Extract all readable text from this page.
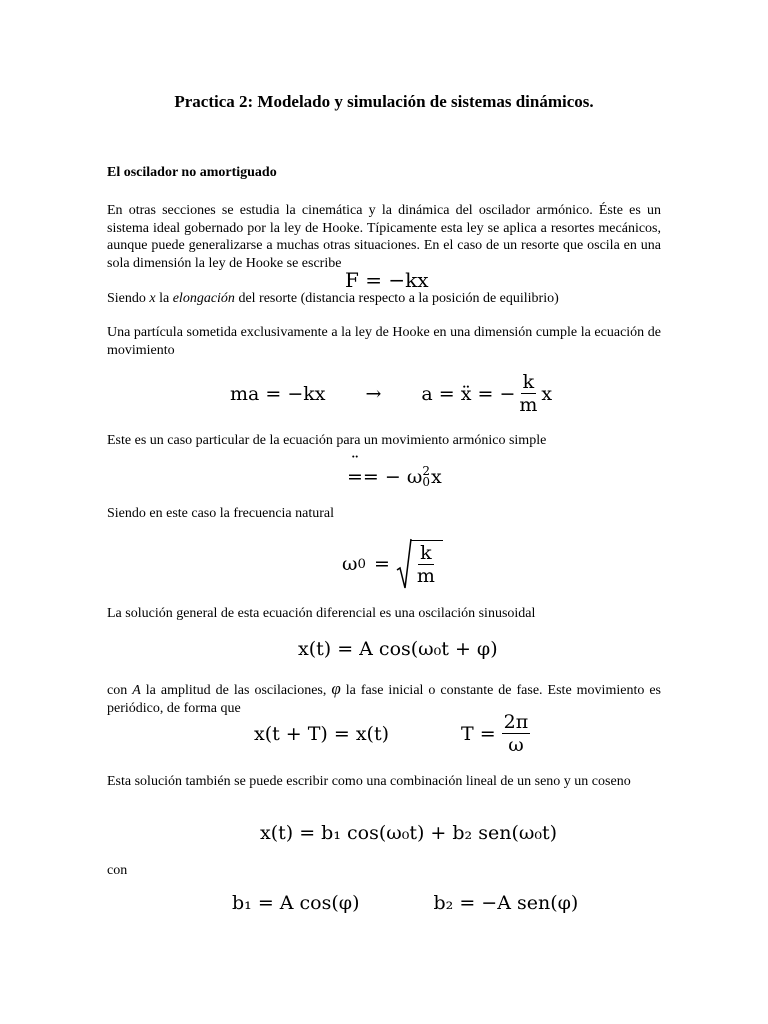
Practica 2: Modelado y simulación de sistemas dinámicos.
El oscilador no amortiguado
En otras secciones se estudia la cinemática y la dinámica del oscilador armónico. Éste es un sistema ideal gobernado por la ley de Hooke. Típicamente esta ley se aplica a resortes mecánicos, aunque puede generalizarse a muchas otras situaciones. En el caso de un resorte que oscila en una sola dimensión la ley de Hooke se escribe
F = −kx
Siendo x la elongación del resorte (distancia respecto a la posición de equilibrio)
Una partícula sometida exclusivamente a la ley de Hooke en una dimensión cumple la ecuación de movimiento
ma = −kx → a = ẍ = − $\frac{k}{m}$ x
Este es un caso particular de la ecuación para un movimiento armónico simple
¨ = = − ω 2
0 x
Siendo en este caso la frecuencia natural
ω $0 = \frac{k}{m}$
La solución general de esta ecuación diferencial es una oscilación sinusoidal
x(t) = A cos(ω₀t + φ)
con A la amplitud de las oscilaciones, φ la fase inicial o constante de fase. Este movimiento es periódico, de forma que
x(t + T) = x(t)	$T = \frac{2\pi}{\omega}$
Esta solución también se puede escribir como una combinación lineal de un seno y un coseno
x(t) = b₁ cos(ω₀t) + b₂ sen(ω₀t)
con
b₁ = A cos(φ)	b₂ = −A sen(φ)
